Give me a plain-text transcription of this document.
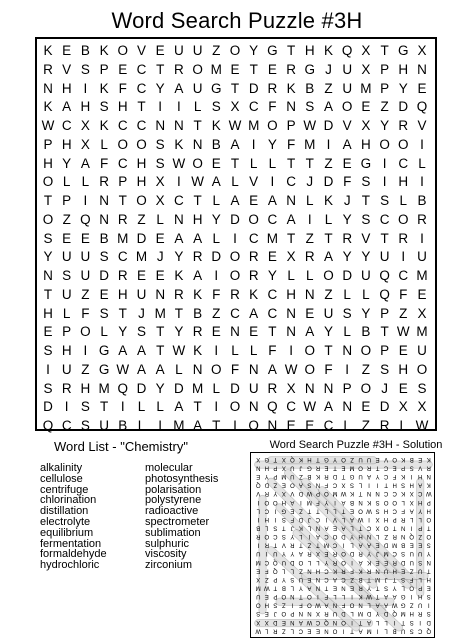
Word Search Puzzle #3H
K E B K O V E U U Z O Y G T H K Q X T G X
R V S P E C T R O M E T E R G J U X P H N
N H I K F C Y A U G T D R K B Z U M P Y E
K A H S H T I	I L S X C F N S A O E Z D Q
W C X K C C N N T K W M O P W D V X Y R V
P H X L O O S K N B A I Y F M I A H O O I
H Y A F C H S W O E T L L T T Z E G I C L
O L L R P H X I W A L V I C J D F S I H I
T P I N T O X C T L A E A N L K J T S L B
O Z Q N R Z L N H Y D O C A I L Y S C O R
S E E B M D E A A L I C M T Z T R V T R I
Y U U S C M J Y R D O R E X R A Y Y U I U
N S U D R E E K A I O R Y L L O D U Q C M
T U Z E H U N R K F R K C H N Z L L Q F E
H L F S T J M T B Z C A C N E U S Y P Z X
E P O L Y S T Y R E N E T N A Y L B T W M
S H I G A A T W K I L L F I O T N O P E U
I U Z G W A A L N O F N A W O F I Z S H O
S R H M Q D Y D M L D U R X N N P O J E S
D I S T I L L A T I O N Q C W A N E D X X
Q C S U B L I M A T I O N E E C L Z R L W
Word List - "Chemistry"
alkalinity
cellulose
centrifuge
chlorination
distillation
electrolyte
equilibrium
fermentation
formaldehyde
hydrochloric
molecular
photosynthesis
polarisation
polystyrene
radioactive
spectrometer
sublimation
sulphuric
viscosity
zirconium
Word Search Puzzle #3H - Solution
X G T X Q K H T G Y O Z U U E V O K B E K
N H P X U J G R E T E M O R T C E P S V R
E Y P M U Z B K R D T G U A Y C F K I H N
Q D Z E O A S N F C X S L I I T H S H A K
V R Y X V D W P O M W K T N N C C K X C W
I O O H A I M F Y I A B N K S O O L X H P
L C I G E Z T T L L T E O W S H C F A Y H
I H I S F D J C I V L A W I X H P R L L O
B L S T J K L N A E A L T C X O T N I P T
R O C S Y L I A C O D Y H N L Z R N Q Z O
I R T V R T Z T M C I L A A E D M B E E S
U I U Y Y A R X E R O D R Y J M C S U U Y
M C Q U D O L L Y R O I A K E E R D U S N
E F Q L L Z N H C K R F K R N U H E Z U T
X Z P Y S U E N C A C Z B T M J T S F L H
M W T B L Y A N T E N E R Y T S Y L O P E
U E P O N T O I F L L I K W T A A G I H S
O H S Z I F O W A N F O N L A A W G Z U I
S E J O P N N X R U D L M D Y D Q M H R S
X X D E N A W C Q N O I T A L L I T S I D
W L R Z L C E E N O I T A M I L B U S C Q
